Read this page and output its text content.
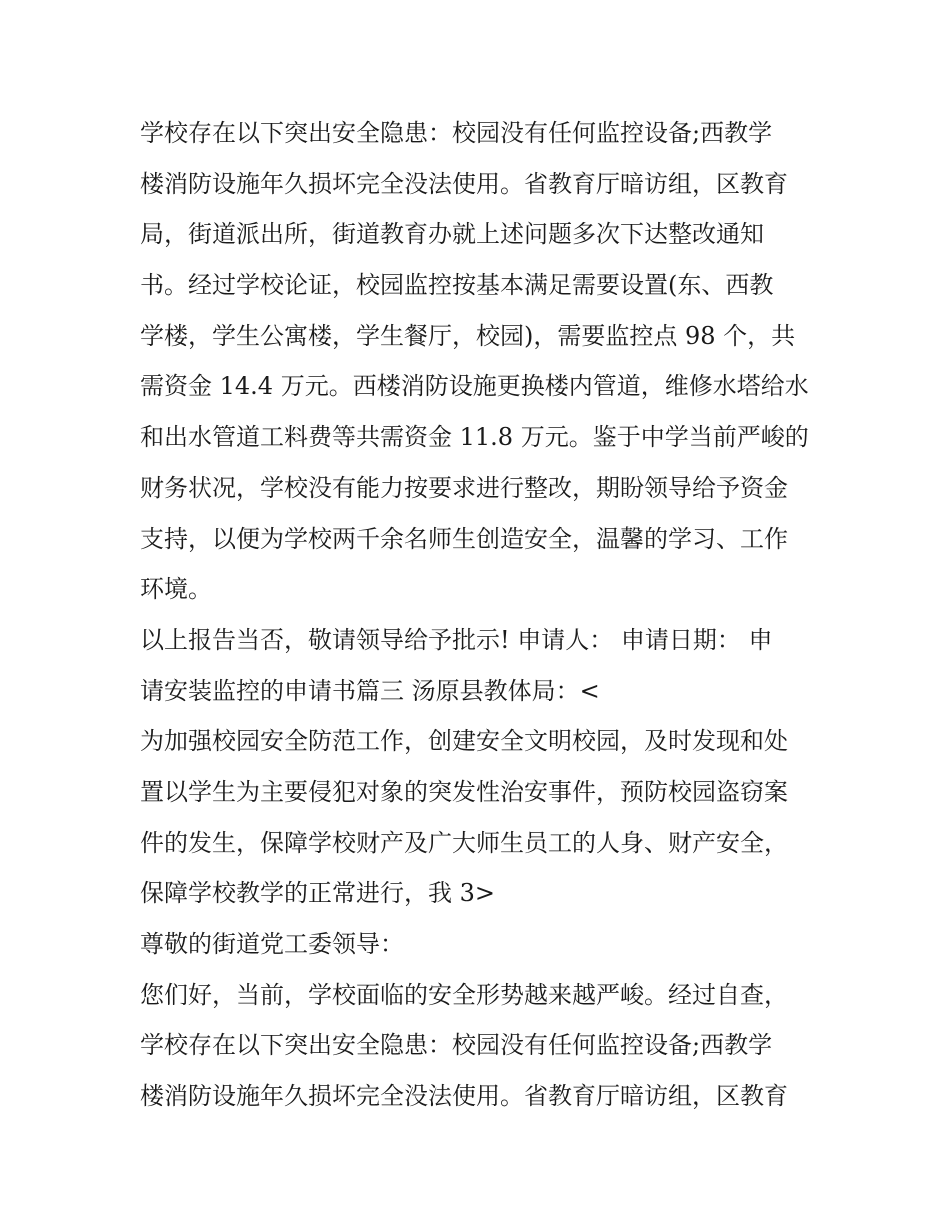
学校存在以下突出安全隐患：校园没有任何监控设备;西教学
楼消防设施年久损坏完全没法使用。省教育厅暗访组，区教育
局，街道派出所，街道教育办就上述问题多次下达整改通知
书。经过学校论证，校园监控按基本满足需要设置(东、西教
学楼，学生公寓楼，学生餐厅，校园)，需要监控点 98 个，共
需资金 14.4 万元。西楼消防设施更换楼内管道，维修水塔给水
和出水管道工料费等共需资金 11.8 万元。鉴于中学当前严峻的
财务状况，学校没有能力按要求进行整改，期盼领导给予资金
支持，以便为学校两千余名师生创造安全，温馨的学习、工作
环境。
以上报告当否，敬请领导给予批示! 申请人： 申请日期： 申
请安装监控的申请书篇三 汤原县教体局：<
为加强校园安全防范工作，创建安全文明校园，及时发现和处
置以学生为主要侵犯对象的突发性治安事件，预防校园盗窃案
件的发生，保障学校财产及广大师生员工的人身、财产安全，
保障学校教学的正常进行，我 3>
尊敬的街道党工委领导：
您们好，当前，学校面临的安全形势越来越严峻。经过自查，
学校存在以下突出安全隐患：校园没有任何监控设备;西教学
楼消防设施年久损坏完全没法使用。省教育厅暗访组，区教育
